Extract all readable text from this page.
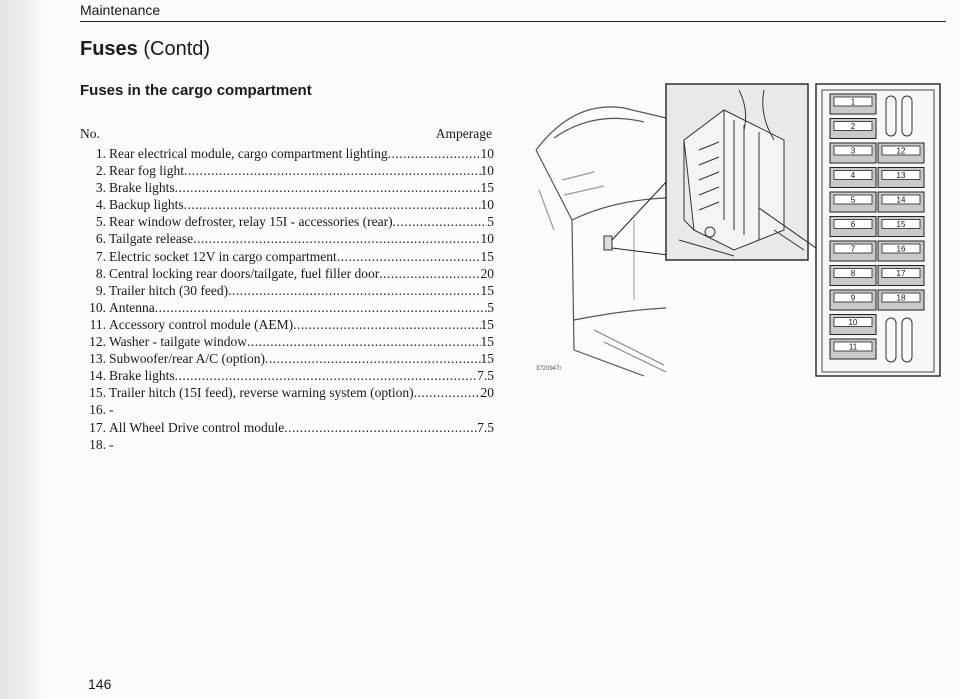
Maintenance
Fuses (Contd)
Fuses in the cargo compartment
No.	Amperage
1. Rear electrical module, cargo compartment lighting .....	10
2. Rear fog light .....	10
3. Brake lights .....	15
4. Backup lights .....	10
5. Rear window defroster, relay 15I - accessories (rear) .....	5
6. Tailgate release .....	10
7. Electric socket 12V in cargo compartment .....	15
8. Central locking rear doors/tailgate, fuel filler door .....	20
9. Trailer hitch (30 feed) .....	15
10. Antenna .....	5
11. Accessory control module (AEM) .....	15
12. Washer - tailgate window .....	15
13. Subwoofer/rear A/C (option) .....	15
14. Brake lights .....	7.5
15. Trailer hitch (15I feed), reverse warning system (option) .....	20
16. -
17. All Wheel Drive control module .....	7.5
18. -
1
2
3
4
5
6
7
8
9
10
11
12
13
14
15
16
17
18
3720947r
146
